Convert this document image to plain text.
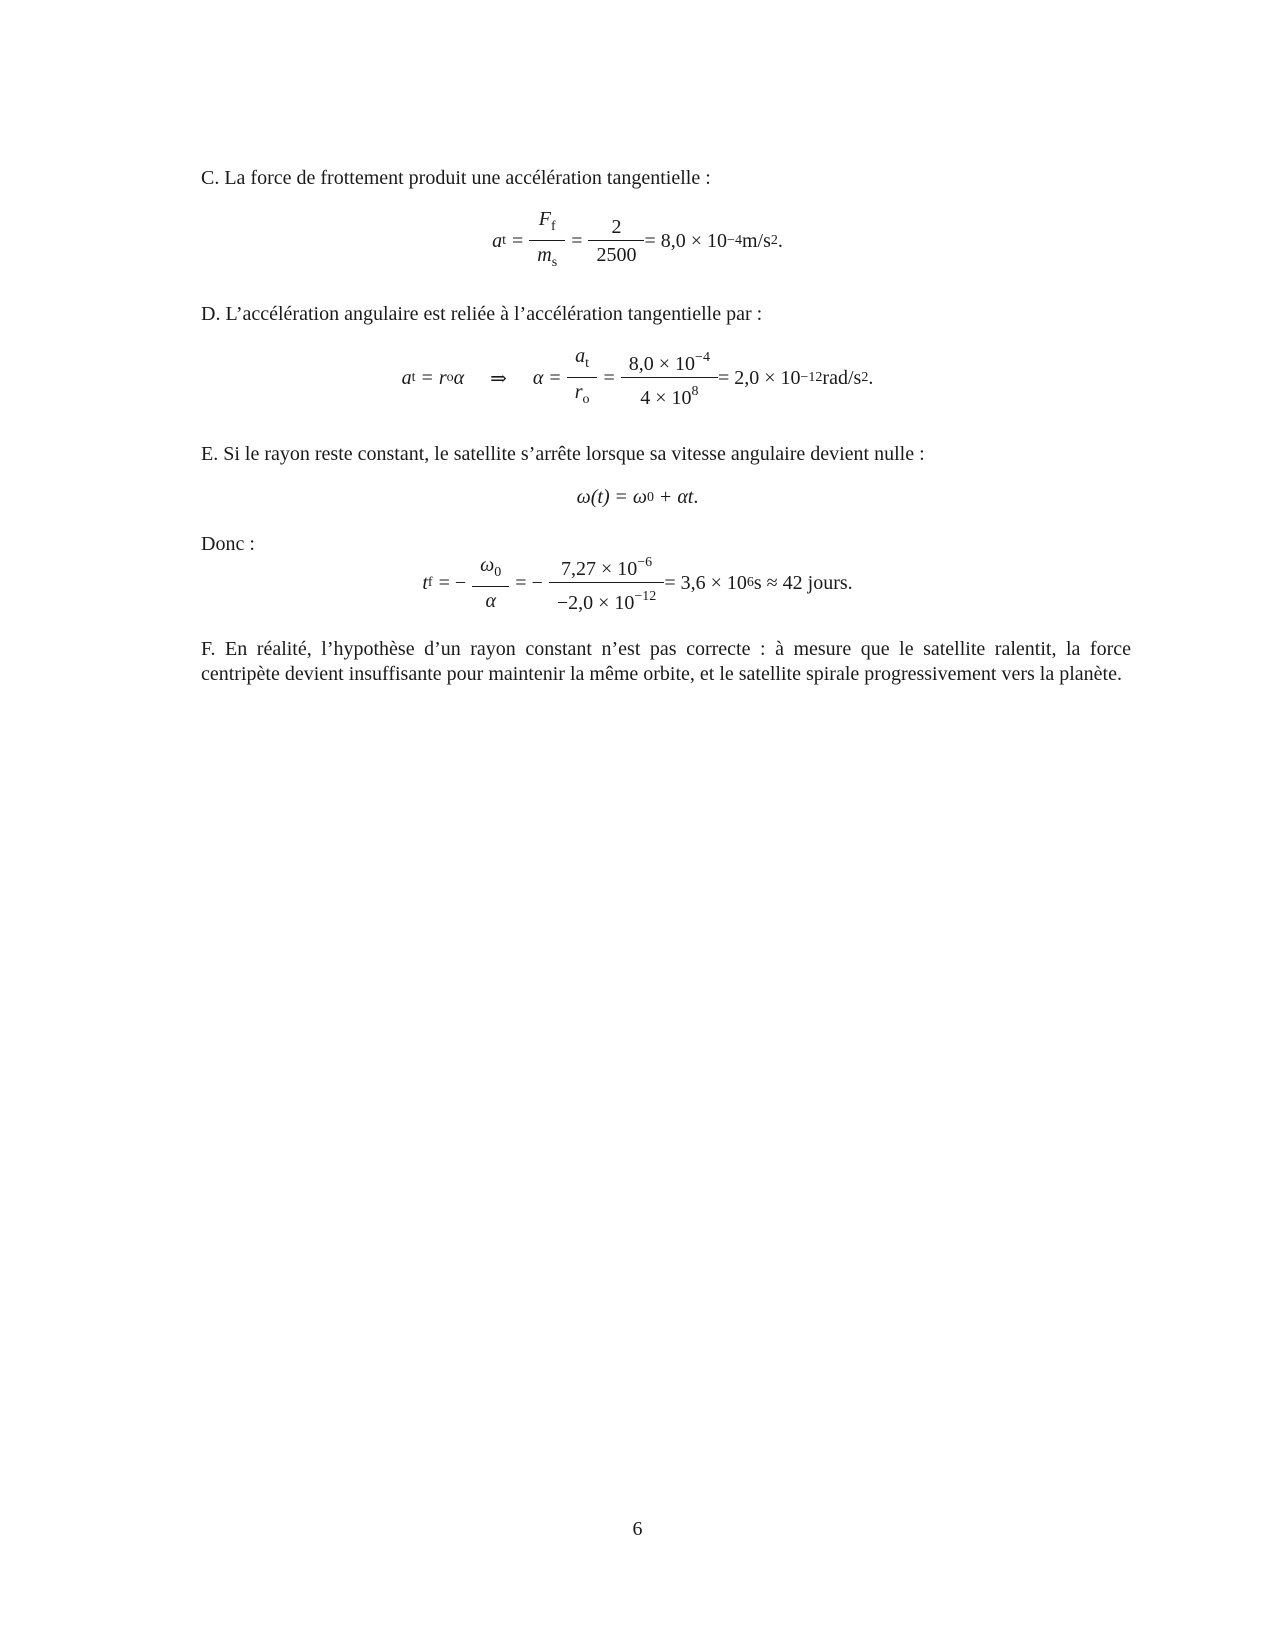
C. La force de frottement produit une accélération tangentielle :
a $t = \frac{F_f}{m_s} = \frac{2}{2500} = 8,0 \times 10 -4$ m/s 2 .
D. L’accélération angulaire est reliée à l’accélération tangentielle par :
a t = r o α ⇒ $\alpha = \frac{a_t}{r_o} = \frac{8,0 \times 10^{-4}}{4 \times 10^8} = 2,0 \times 10 -12$ rad/s 2 .
E. Si le rayon reste constant, le satellite s’arrête lorsque sa vitesse angulaire devient nulle :
ω (t) = ω 0 + αt .
Donc :
t f = − $\frac{\omega_0}{\alpha}$ = − $\frac{7,27 \times 10^{-6}}{-2,0 \times 10^{-12}} = 3,6 \times 10$ 6 s ≈ 42 jours.
F. En réalité, l’hypothèse d’un rayon constant n’est pas correcte : à mesure que le satellite ralentit, la force centripète devient insuffisante pour maintenir la même orbite, et le satellite spirale progressivement vers la planète.
6
